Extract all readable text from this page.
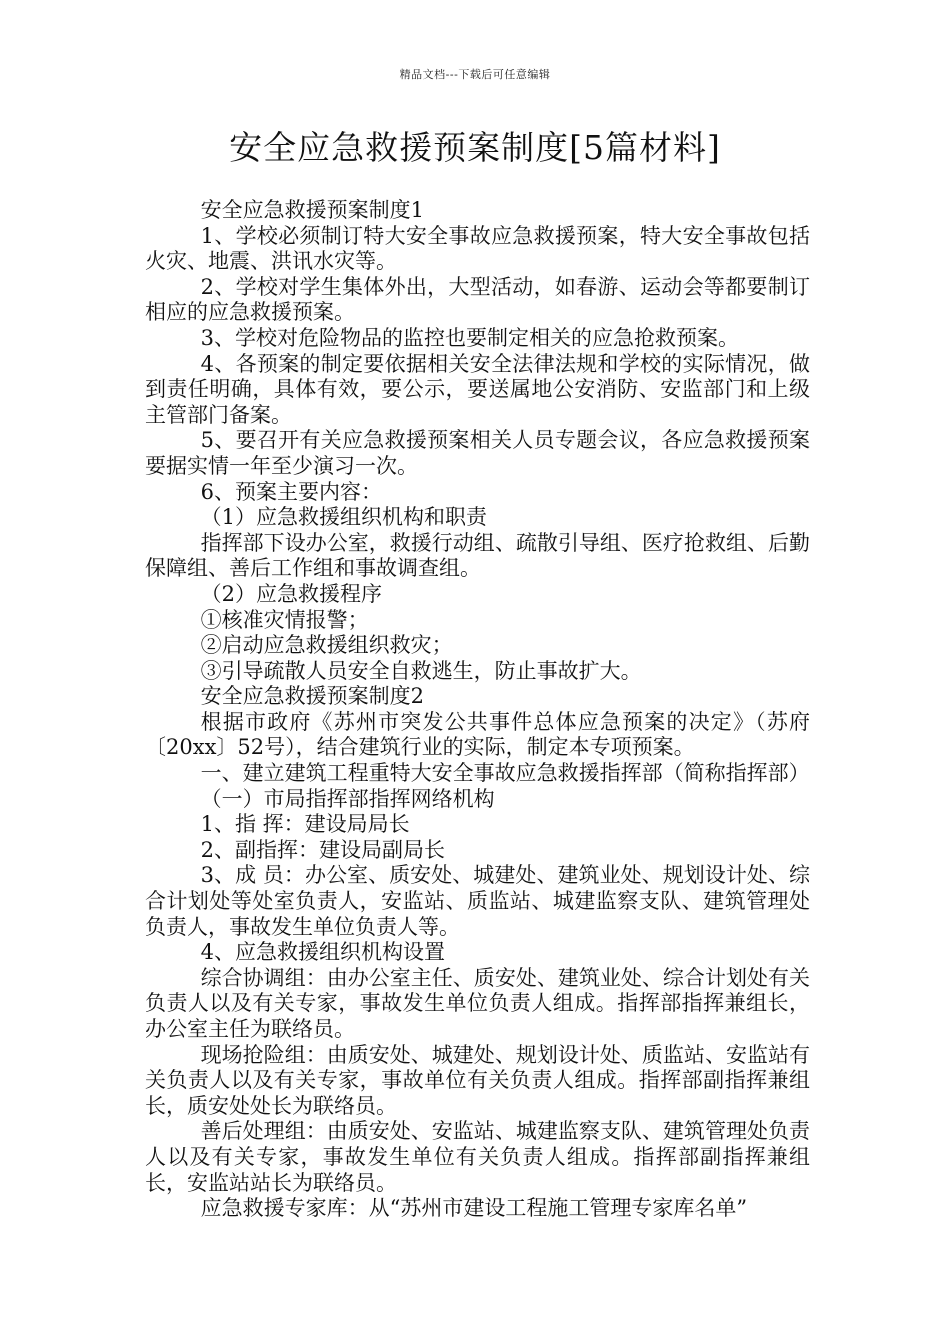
精品文档---下载后可任意编辑
安全应急救援预案制度[5篇材料]

安全应急救援预案制度1

1、学校必须制订特大安全事故应急救援预案，特大安全事故包括火灾、地震、洪讯水灾等。

2、学校对学生集体外出，大型活动，如春游、运动会等都要制订相应的应急救援预案。

3、学校对危险物品的监控也要制定相关的应急抢救预案。

4、各预案的制定要依据相关安全法律法规和学校的实际情况，做到责任明确，具体有效，要公示，要送属地公安消防、安监部门和上级主管部门备案。

5、要召开有关应急救援预案相关人员专题会议，各应急救援预案要据实情一年至少演习一次。

6、预案主要内容：

（1）应急救援组织机构和职责

指挥部下设办公室，救援行动组、疏散引导组、医疗抢救组、后勤保障组、善后工作组和事故调查组。

（2）应急救援程序

①核准灾情报警；

②启动应急救援组织救灾；

③引导疏散人员安全自救逃生，防止事故扩大。

安全应急救援预案制度2

根据市政府《苏州市突发公共事件总体应急预案的决定》（苏府〔20xx〕52号），结合建筑行业的实际，制定本专项预案。

一、建立建筑工程重特大安全事故应急救援指挥部（简称指挥部）

（一）市局指挥部指挥网络机构

1、指 挥：建设局局长

2、副指挥：建设局副局长

3、成 员：办公室、质安处、城建处、建筑业处、规划设计处、综合计划处等处室负责人，安监站、质监站、城建监察支队、建筑管理处负责人，事故发生单位负责人等。

4、应急救援组织机构设置

综合协调组：由办公室主任、质安处、建筑业处、综合计划处有关负责人以及有关专家，事故发生单位负责人组成。指挥部指挥兼组长，办公室主任为联络员。

现场抢险组：由质安处、城建处、规划设计处、质监站、安监站有关负责人以及有关专家，事故单位有关负责人组成。指挥部副指挥兼组长，质安处处长为联络员。

善后处理组：由质安处、安监站、城建监察支队、建筑管理处负责人以及有关专家，事故发生单位有关负责人组成。指挥部副指挥兼组长，安监站站长为联络员。

应急救援专家库：从“苏州市建设工程施工管理专家库名单”
